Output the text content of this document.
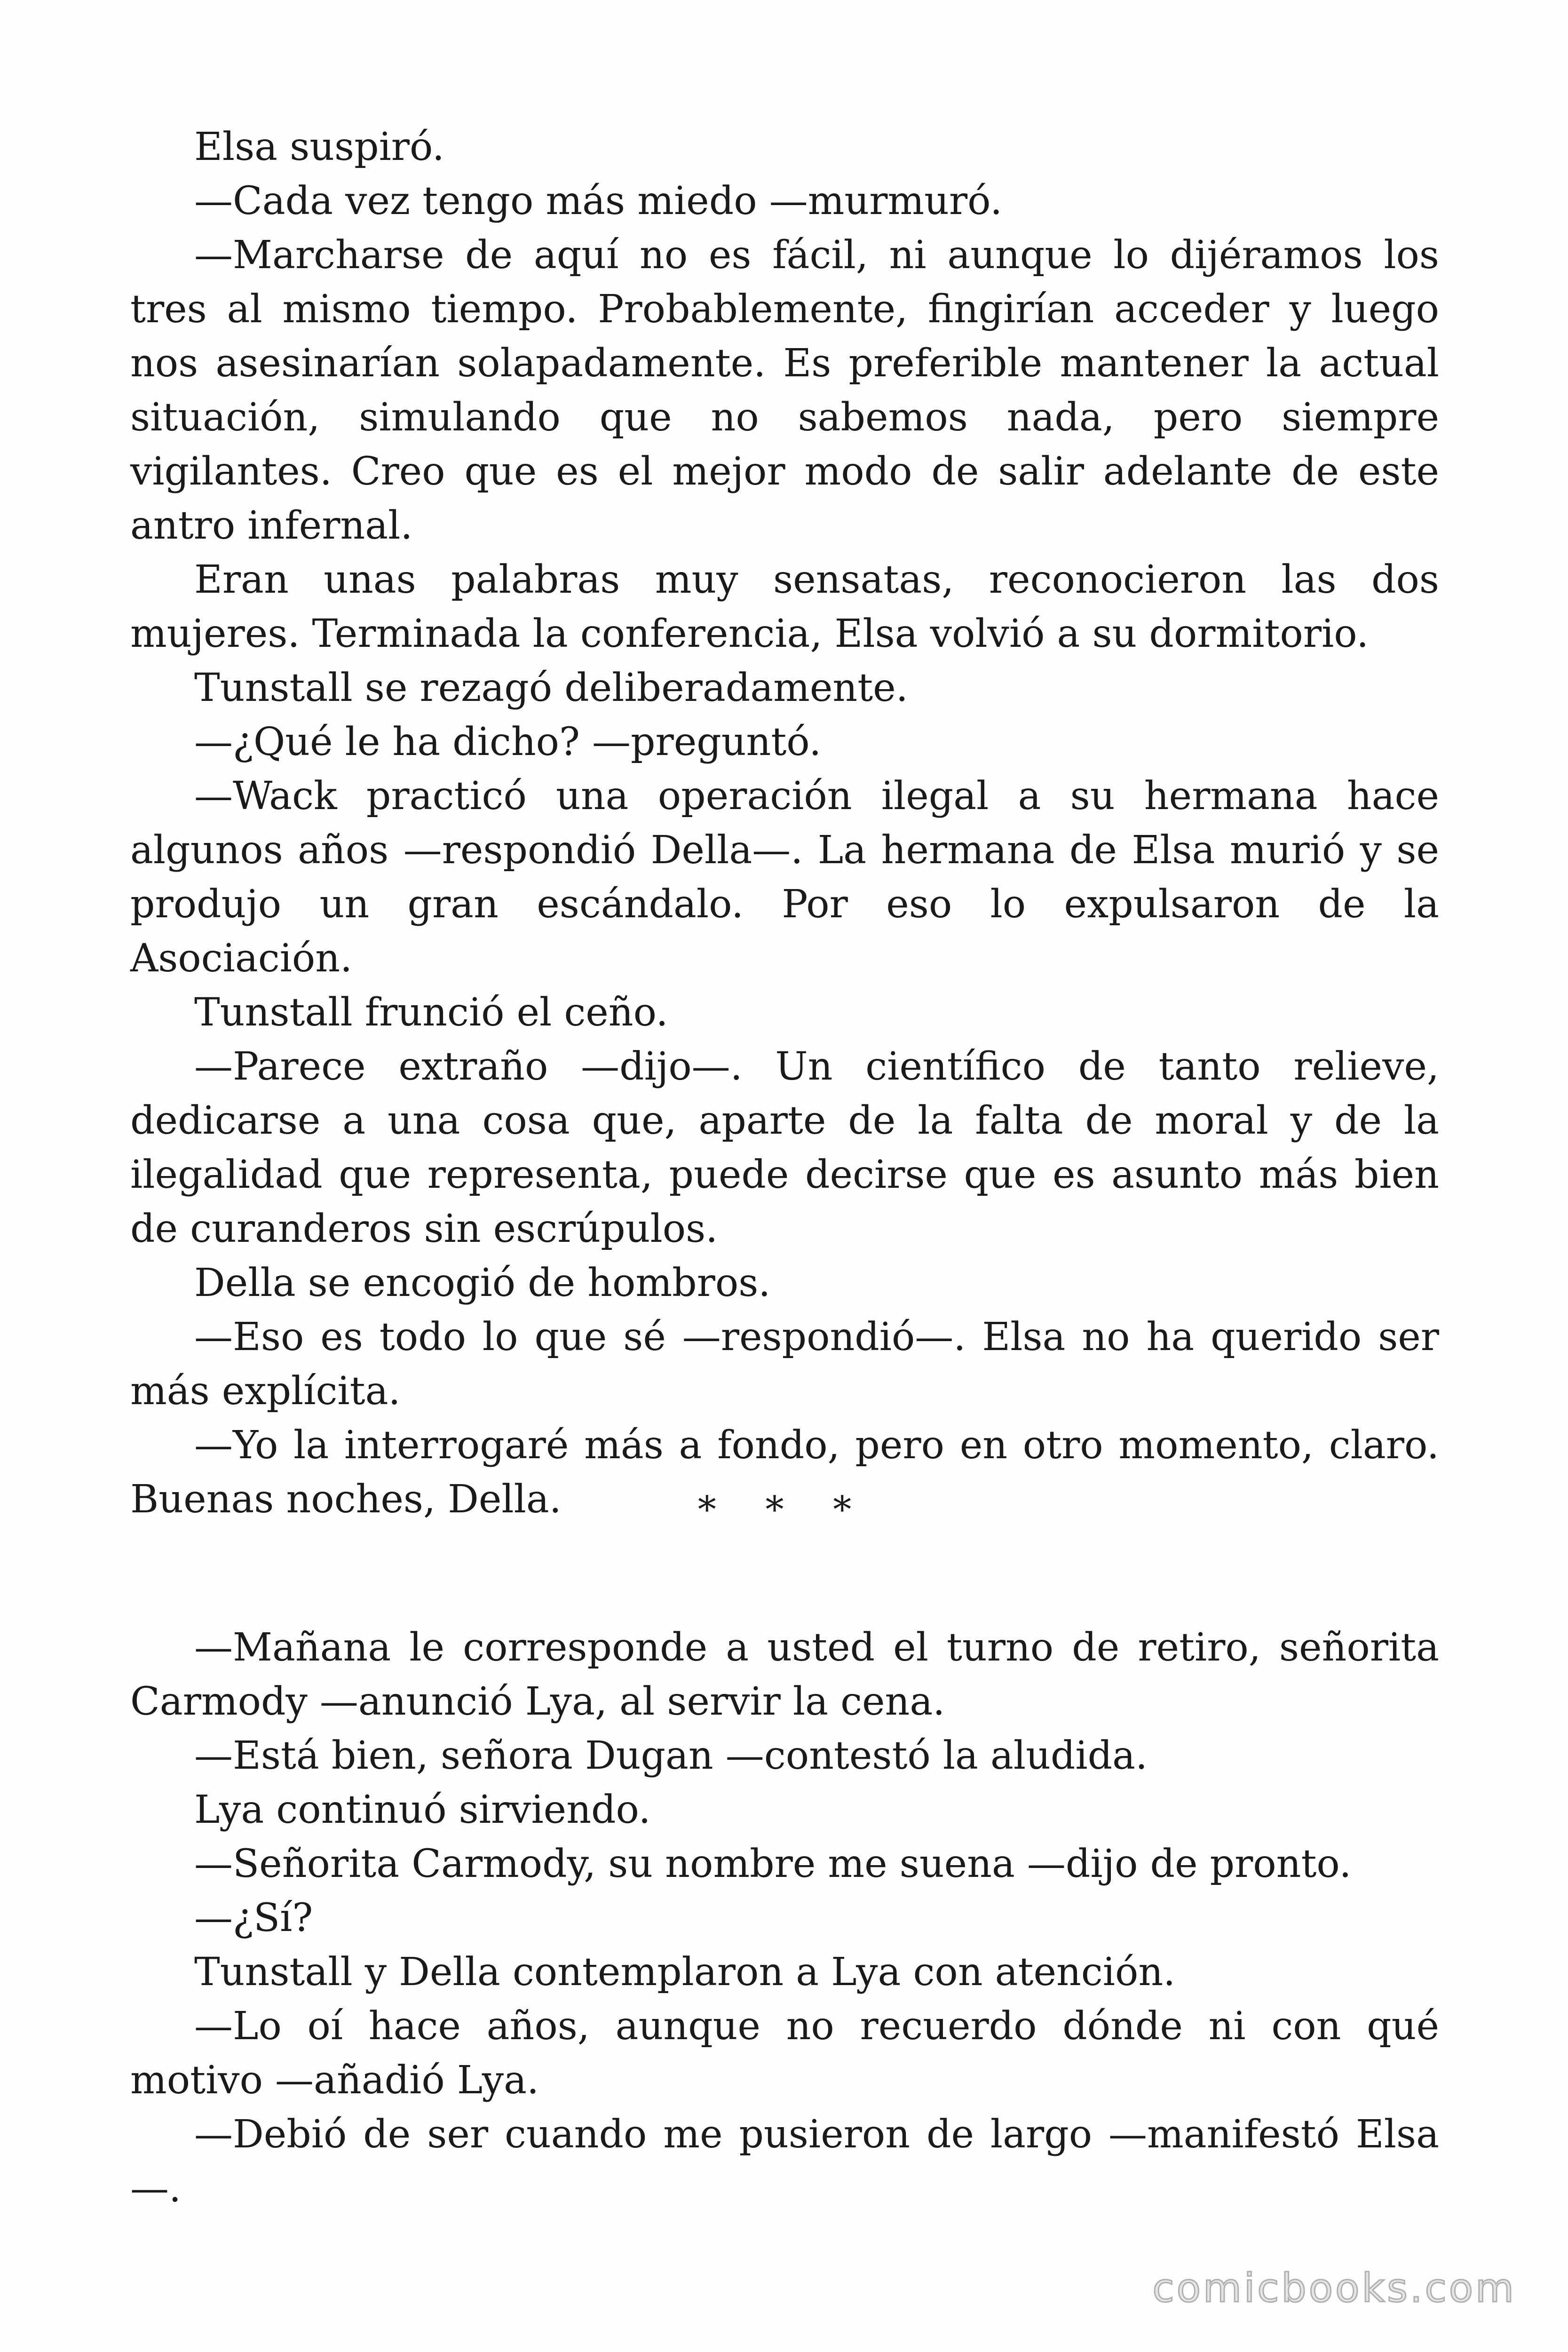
Elsa suspiró.

—Cada vez tengo más miedo —murmuró.

—Marcharse de aquí no es fácil, ni aunque lo dijéramos los tres al mismo tiempo. Probablemente, fingirían acceder y luego nos asesinarían solapadamente. Es preferible mantener la actual situación, simulando que no sabemos nada, pero siempre vigilantes. Creo que es el mejor modo de salir adelante de este antro infernal.

Eran unas palabras muy sensatas, reconocieron las dos mujeres. Terminada la conferencia, Elsa volvió a su dormitorio.

Tunstall se rezagó deliberadamente.

—¿Qué le ha dicho? —preguntó.

—Wack practicó una operación ilegal a su hermana hace algunos años —respondió Della—. La hermana de Elsa murió y se produjo un gran escándalo. Por eso lo expulsaron de la Asociación.

Tunstall frunció el ceño.

—Parece extraño —dijo—. Un científico de tanto relieve, dedicarse a una cosa que, aparte de la falta de moral y de la ilegalidad que representa, puede decirse que es asunto más bien de curanderos sin escrúpulos.

Della se encogió de hombros.

—Eso es todo lo que sé —respondió—. Elsa no ha querido ser más explícita.

—Yo la interrogaré más a fondo, pero en otro momento, claro. Buenas noches, Della.	* * *

—Mañana le corresponde a usted el turno de retiro, señorita Carmody —anunció Lya, al servir la cena.

—Está bien, señora Dugan —contestó la aludida.

Lya continuó sirviendo.

—Señorita Carmody, su nombre me suena —dijo de pronto.

—¿Sí?

Tunstall y Della contemplaron a Lya con atención.

—Lo oí hace años, aunque no recuerdo dónde ni con qué motivo —añadió Lya.

—Debió de ser cuando me pusieron de largo —manifestó Elsa—.

comicbooks.com
